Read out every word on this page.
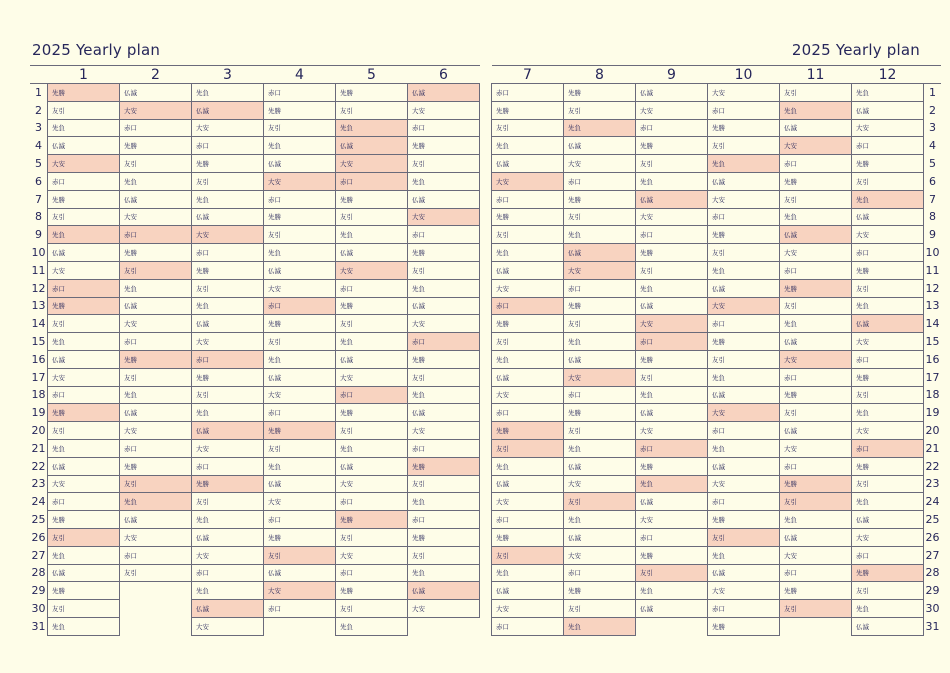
2025 Yearly plan	2025 Yearly plan
	1	2	3	4	5	6
1	先勝	仏滅	先負	赤口	先勝	仏滅
2	友引	大安	仏滅	先勝	友引	大安
3	先負	赤口	大安	友引	先負	赤口
4	仏滅	先勝	赤口	先負	仏滅	先勝
5	大安	友引	先勝	仏滅	大安	友引
6	赤口	先負	友引	大安	赤口	先負
7	先勝	仏滅	先負	赤口	先勝	仏滅
8	友引	大安	仏滅	先勝	友引	大安
9	先負	赤口	大安	友引	先負	赤口
10	仏滅	先勝	赤口	先負	仏滅	先勝
11	大安	友引	先勝	仏滅	大安	友引
12	赤口	先負	友引	大安	赤口	先負
13	先勝	仏滅	先負	赤口	先勝	仏滅
14	友引	大安	仏滅	先勝	友引	大安
15	先負	赤口	大安	友引	先負	赤口
16	仏滅	先勝	赤口	先負	仏滅	先勝
17	大安	友引	先勝	仏滅	大安	友引
18	赤口	先負	友引	大安	赤口	先負
19	先勝	仏滅	先負	赤口	先勝	仏滅
20	友引	大安	仏滅	先勝	友引	大安
21	先負	赤口	大安	友引	先負	赤口
22	仏滅	先勝	赤口	先負	仏滅	先勝
23	大安	友引	先勝	仏滅	大安	友引
24	赤口	先負	友引	大安	赤口	先負
25	先勝	仏滅	先負	赤口	先勝	赤口
26	友引	大安	仏滅	先勝	友引	先勝
27	先負	赤口	大安	友引	大安	友引
28	仏滅	友引	赤口	仏滅	赤口	先負
29	先勝		先負	大安	先勝	仏滅
30	友引		仏滅	赤口	友引	大安
31	先負		大安		先負	
7	8	9	10	11	12	
赤口	先勝	仏滅	大安	友引	先負	1
先勝	友引	大安	赤口	先負	仏滅	2
友引	先負	赤口	先勝	仏滅	大安	3
先負	仏滅	先勝	友引	大安	赤口	4
仏滅	大安	友引	先負	赤口	先勝	5
大安	赤口	先負	仏滅	先勝	友引	6
赤口	先勝	仏滅	大安	友引	先負	7
先勝	友引	大安	赤口	先負	仏滅	8
友引	先負	赤口	先勝	仏滅	大安	9
先負	仏滅	先勝	友引	大安	赤口	10
仏滅	大安	友引	先負	赤口	先勝	11
大安	赤口	先負	仏滅	先勝	友引	12
赤口	先勝	仏滅	大安	友引	先負	13
先勝	友引	大安	赤口	先負	仏滅	14
友引	先負	赤口	先勝	仏滅	大安	15
先負	仏滅	先勝	友引	大安	赤口	16
仏滅	大安	友引	先負	赤口	先勝	17
大安	赤口	先負	仏滅	先勝	友引	18
赤口	先勝	仏滅	大安	友引	先負	19
先勝	友引	大安	赤口	仏滅	大安	20
友引	先負	赤口	先負	大安	赤口	21
先負	仏滅	先勝	仏滅	赤口	先勝	22
仏滅	大安	先負	大安	先勝	友引	23
大安	友引	仏滅	赤口	友引	先負	24
赤口	先負	大安	先勝	先負	仏滅	25
先勝	仏滅	赤口	友引	仏滅	大安	26
友引	大安	先勝	先負	大安	赤口	27
先負	赤口	友引	仏滅	赤口	先勝	28
仏滅	先勝	先負	大安	先勝	友引	29
大安	友引	仏滅	赤口	友引	先負	30
赤口	先負		先勝		仏滅	31
